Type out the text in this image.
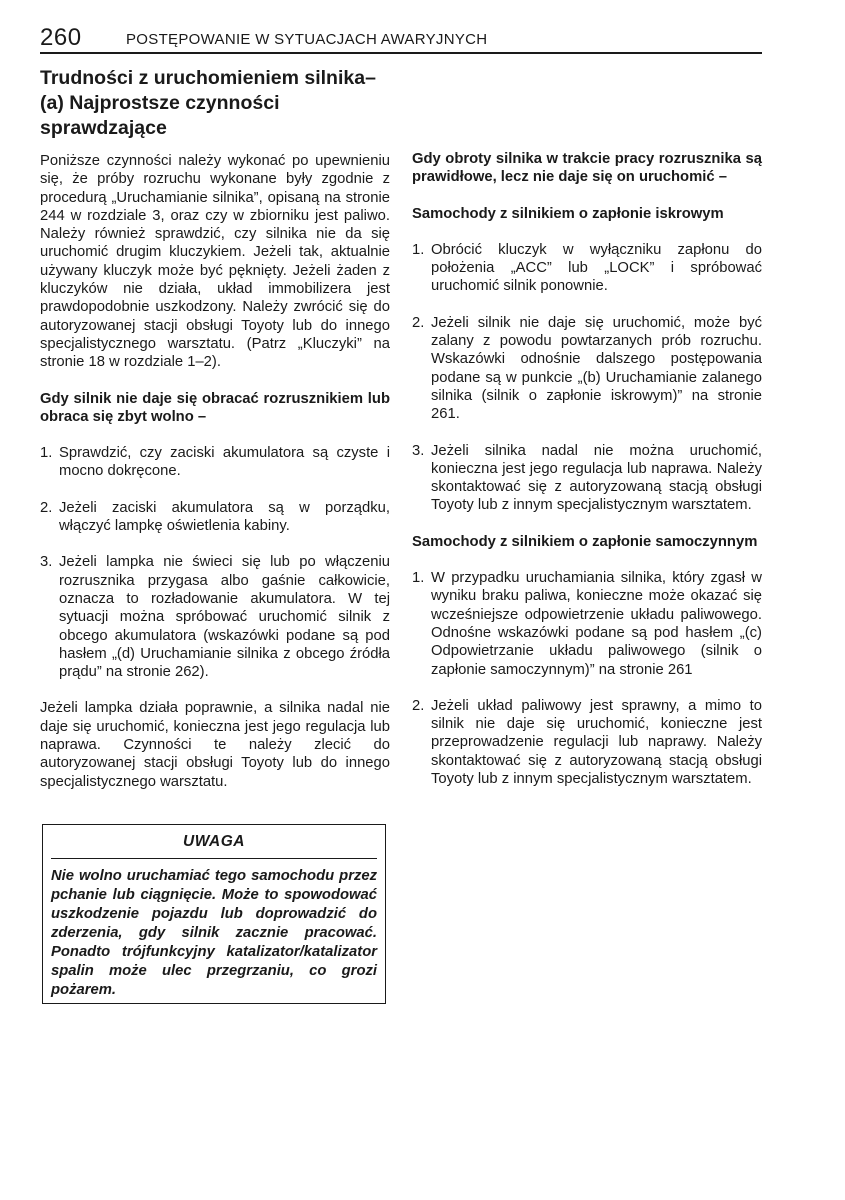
260	POSTĘPOWANIE W SYTUACJACH AWARYJNYCH
Trudności z uruchomieniem silnika–
(a) Najprostsze czynności
sprawdzające

Poniższe czynności należy wykonać po upewnieniu się, że próby rozruchu wykonane były zgodnie z procedurą „Uruchamianie silnika”, opisaną na stronie 244 w rozdziale 3, oraz czy w zbiorniku jest paliwo. Należy również sprawdzić, czy silnika nie da się uruchomić drugim kluczykiem. Jeżeli tak, aktualnie używany kluczyk może być pęknięty. Jeżeli żaden z kluczyków nie działa, układ immobilizera jest prawdopodobnie uszkodzony. Należy zwrócić się do autoryzowanej stacji obsługi Toyoty lub do innego specjalistycznego warsztatu. (Patrz „Kluczyki” na stronie 18 w rozdziale 1–2).

Gdy silnik nie daje się obracać rozrusznikiem lub obraca się zbyt wolno –
1. Sprawdzić, czy zaciski akumulatora są czyste i mocno dokręcone.
2. Jeżeli zaciski akumulatora są w porządku, włączyć lampkę oświetlenia kabiny.
3. Jeżeli lampka nie świeci się lub po włączeniu rozrusznika przygasa albo gaśnie całkowicie, oznacza to rozładowanie akumulatora. W tej sytuacji można spróbować uruchomić silnik z obcego akumulatora (wskazówki podane są pod hasłem „(d) Uruchamianie silnika z obcego źródła prądu” na stronie 262).

Jeżeli lampka działa poprawnie, a silnika nadal nie daje się uruchomić, konieczna jest jego regulacja lub naprawa. Czynności te należy zlecić do autoryzowanej stacji obsługi Toyoty lub do innego specjalistycznego warsztatu.

UWAGA
Nie wolno uruchamiać tego samochodu przez pchanie lub ciągnięcie. Może to spowodować uszkodzenie pojazdu lub doprowadzić do zderzenia, gdy silnik zacznie pracować. Ponadto trójfunkcyjny katalizator/katalizator spalin może ulec przegrzaniu, co grozi pożarem.
Gdy obroty silnika w trakcie pracy rozrusznika są prawidłowe, lecz nie daje się on uruchomić –
Samochody z silnikiem o zapłonie iskrowym
1. Obrócić kluczyk w wyłączniku zapłonu do położenia „ACC” lub „LOCK” i spróbować uruchomić silnik ponownie.
2. Jeżeli silnik nie daje się uruchomić, może być zalany z powodu powtarzanych prób rozruchu. Wskazówki odnośnie dalszego postępowania podane są w punkcie „(b) Uruchamianie zalanego silnika (silnik o zapłonie iskrowym)” na stronie 261.
3. Jeżeli silnika nadal nie można uruchomić, konieczna jest jego regulacja lub naprawa. Należy skontaktować się z autoryzowaną stacją obsługi Toyoty lub z innym specjalistycznym warsztatem.
Samochody z silnikiem o zapłonie samoczynnym
1. W przypadku uruchamiania silnika, który zgasł w wyniku braku paliwa, konieczne może okazać się wcześniejsze odpowietrzenie układu paliwowego. Odnośne wskazówki podane są pod hasłem „(c) Odpowietrzanie układu paliwowego (silnik o zapłonie samoczynnym)” na stronie 261
2. Jeżeli układ paliwowy jest sprawny, a mimo to silnik nie daje się uruchomić, konieczne jest przeprowadzenie regulacji lub naprawy. Należy skontaktować się z autoryzowaną stacją obsługi Toyoty lub z innym specjalistycznym warsztatem.
